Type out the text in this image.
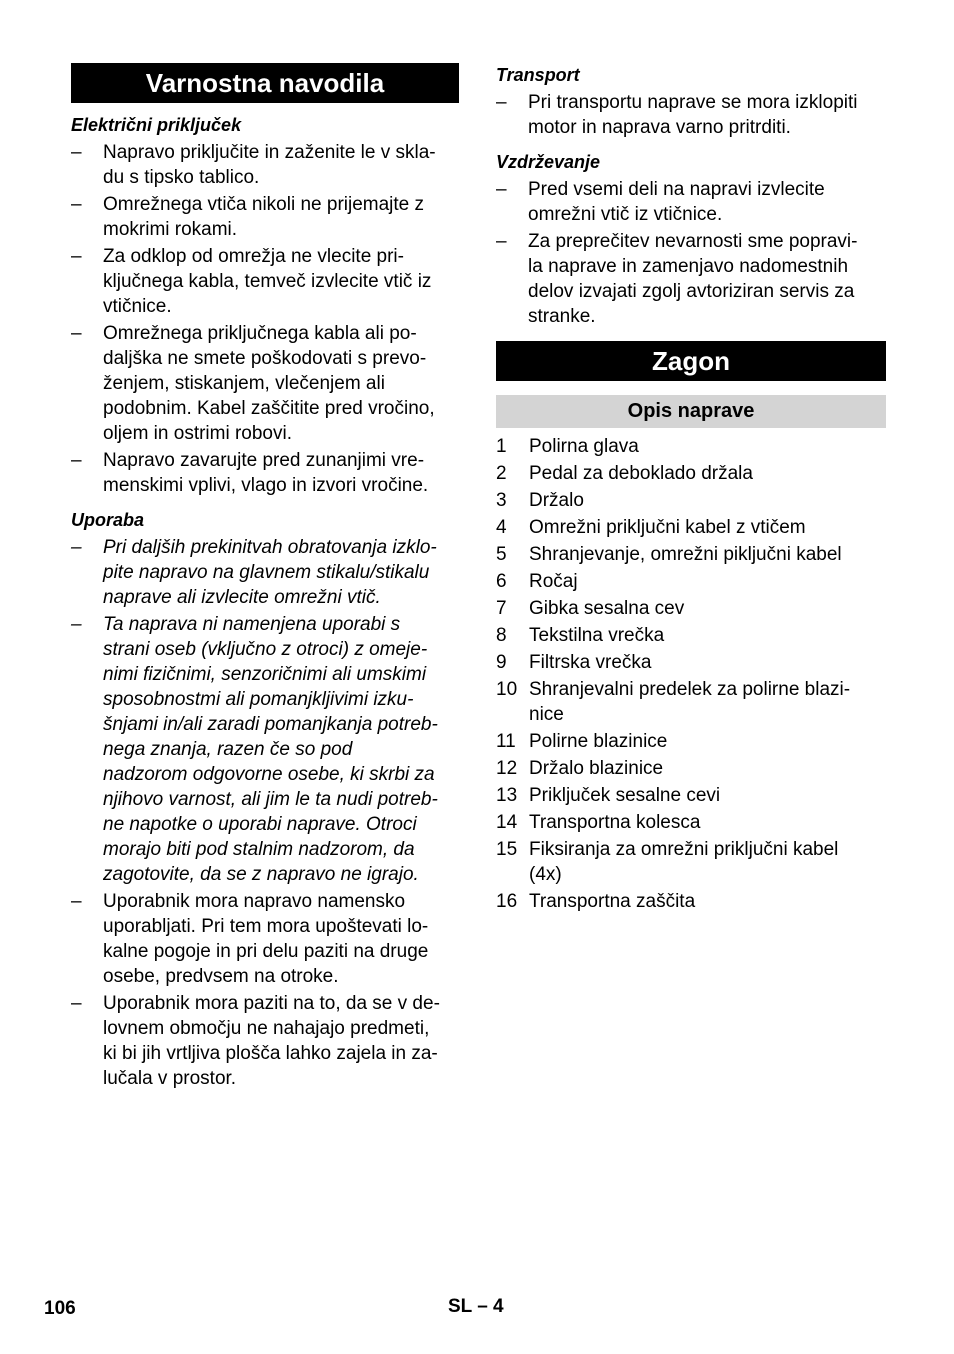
Varnostna navodila

Električni priključek

–	Napravo priključite in zaženite le v skla-
du s tipsko tablico.
–	Omrežnega vtiča nikoli ne prijemajte z
mokrimi rokami.
–	Za odklop od omrežja ne vlecite pri-
ključnega kabla, temveč izvlecite vtič iz
vtičnice.
–	Omrežnega priključnega kabla ali po-
daljška ne smete poškodovati s prevo-
ženjem, stiskanjem, vlečenjem ali
podobnim. Kabel zaščitite pred vročino,
oljem in ostrimi robovi.
–	Napravo zavarujte pred zunanjimi vre-
menskimi vplivi, vlago in izvori vročine.

Uporaba

–	Pri daljših prekinitvah obratovanja izklo-
pite napravo na glavnem stikalu/stikalu
naprave ali izvlecite omrežni vtič.
–	Ta naprava ni namenjena uporabi s
strani oseb (vključno z otroci) z omeje-
nimi fizičnimi, senzoričnimi ali umskimi
sposobnostmi ali pomanjkljivimi izku-
šnjami in/ali zaradi pomanjkanja potreb-
nega znanja, razen če so pod
nadzorom odgovorne osebe, ki skrbi za
njihovo varnost, ali jim le ta nudi potreb-
ne napotke o uporabi naprave. Otroci
morajo biti pod stalnim nadzorom, da
zagotovite, da se z napravo ne igrajo.
–	Uporabnik mora napravo namensko
uporabljati. Pri tem mora upoštevati lo-
kalne pogoje in pri delu paziti na druge
osebe, predvsem na otroke.
–	Uporabnik mora paziti na to, da se v de-
lovnem območju ne nahajajo predmeti,
ki bi jih vrtljiva plošča lahko zajela in za-
lučala v prostor.

Transport

–	Pri transportu naprave se mora izklopiti
motor in naprava varno pritrditi.

Vzdrževanje

–	Pred vsemi deli na napravi izvlecite
omrežni vtič iz vtičnice.
–	Za preprečitev nevarnosti sme popravi-
la naprave in zamenjavo nadomestnih
delov izvajati zgolj avtoriziran servis za
stranke.
Zagon
Opis naprave
1 Polirna glava
2 Pedal za deboklado držala
3 Držalo
4 Omrežni priključni kabel z vtičem
5 Shranjevanje, omrežni piključni kabel
6 Ročaj
7 Gibka sesalna cev
8 Tekstilna vrečka
9 Filtrska vrečka
10 Shranjevalni predelek za polirne blazi-
nice
11 Polirne blazinice
12 Držalo blazinice
13 Priključek sesalne cevi
14 Transportna kolesca
15 Fiksiranja za omrežni priključni kabel
(4x)
16 Transportna zaščita
106	SL – 4
